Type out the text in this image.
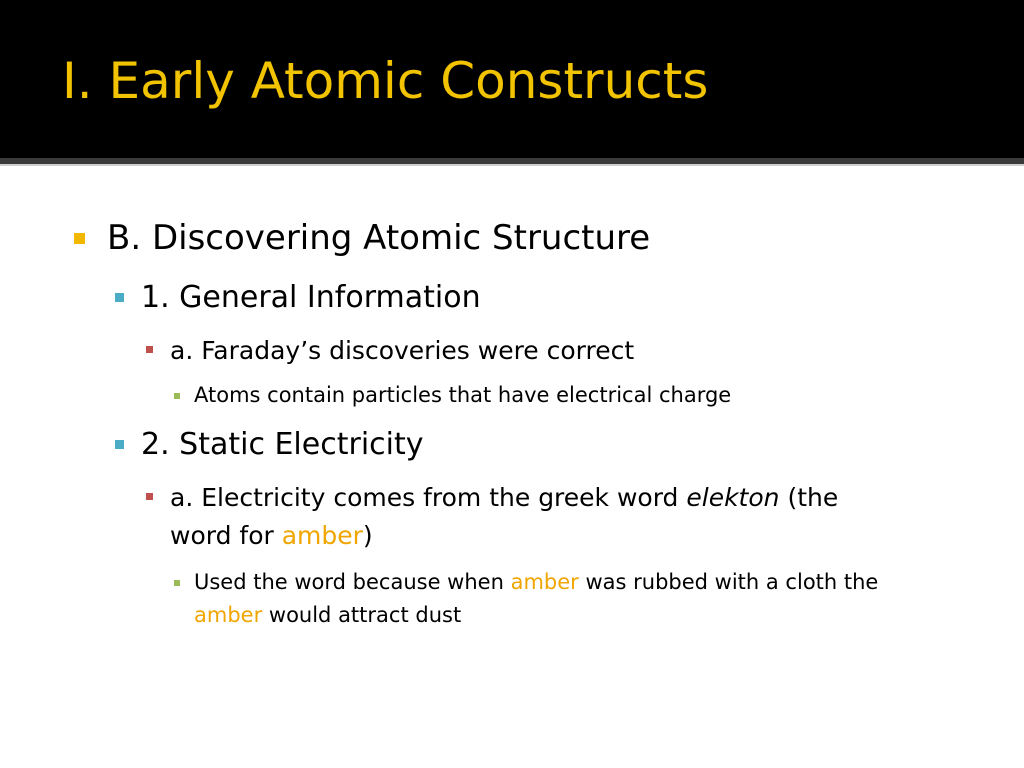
I. Early Atomic Constructs
B. Discovering Atomic Structure
1. General Information
a. Faraday’s discoveries were correct
Atoms contain particles that have electrical charge
2. Static Electricity
a. Electricity comes from the greek word elekton (the
word for amber)
Used the word because when amber was rubbed with a cloth the
amber would attract dust
